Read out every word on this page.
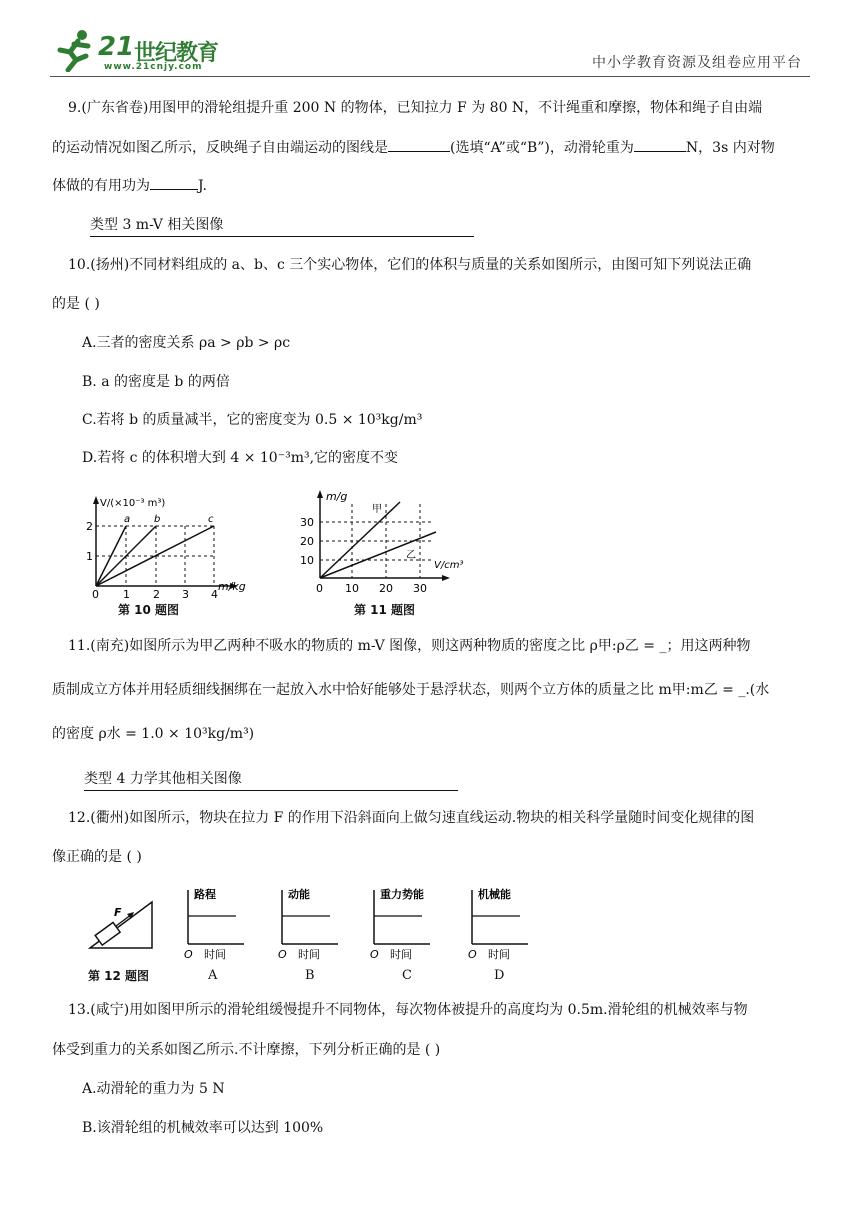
21 世纪教育
www.21cnjy.com	中小学教育资源及组卷应用平台
9.(广东省卷)用图甲的滑轮组提升重 200 N 的物体，已知拉力 F 为 80 N，不计绳重和摩擦，物体和绳子自由端
的运动情况如图乙所示，反映绳子自由端运动的图线是	(选填“A”或“B”)，动滑轮重为	N，3s 内对物
体做的有用功为	J.
类型 3 m-V 相关图像
10.(扬州)不同材料组成的 a、b、c 三个实心物体，它们的体积与质量的关系如图所示，由图可知下列说法正确
的是 ( )
A.三者的密度关系 ρa > ρb > ρc
B. a 的密度是 b 的两倍
C.若将 b 的质量减半，它的密度变为 0.5 × 10³kg/m³
D.若将 c 的体积增大到 4 × 10⁻³m³,它的密度不变
V/(×10⁻³ m³)
m/kg
1
2
0 1 2 3 4
a b	c
第 10 题图
m/g
V/cm³
10
20
30
0 10 20 30
甲
乙
第 11 题图
11.(南充)如图所示为甲乙两种不吸水的物质的 m-V 图像，则这两种物质的密度之比 ρ甲:ρ乙 = _；用这两种物
质制成立方体并用轻质细线捆绑在一起放入水中恰好能够处于悬浮状态，则两个立方体的质量之比 m甲:m乙 = _.(水
的密度 ρ水 = 1.0 × 10³kg/m³)
类型 4 力学其他相关图像
12.(衢州)如图所示，物块在拉力 F 的作用下沿斜面向上做匀速直线运动.物块的相关科学量随时间变化规律的图
像正确的是 ( )
F
第 12 题图
路程
O 时间
动能
O 时间
重力势能
O 时间
机械能
O 时间
A	B	C	D
13.(咸宁)用如图甲所示的滑轮组缓慢提升不同物体，每次物体被提升的高度均为 0.5m.滑轮组的机械效率与物
体受到重力的关系如图乙所示.不计摩擦，下列分析正确的是 ( )
A.动滑轮的重力为 5 N
B.该滑轮组的机械效率可以达到 100%
